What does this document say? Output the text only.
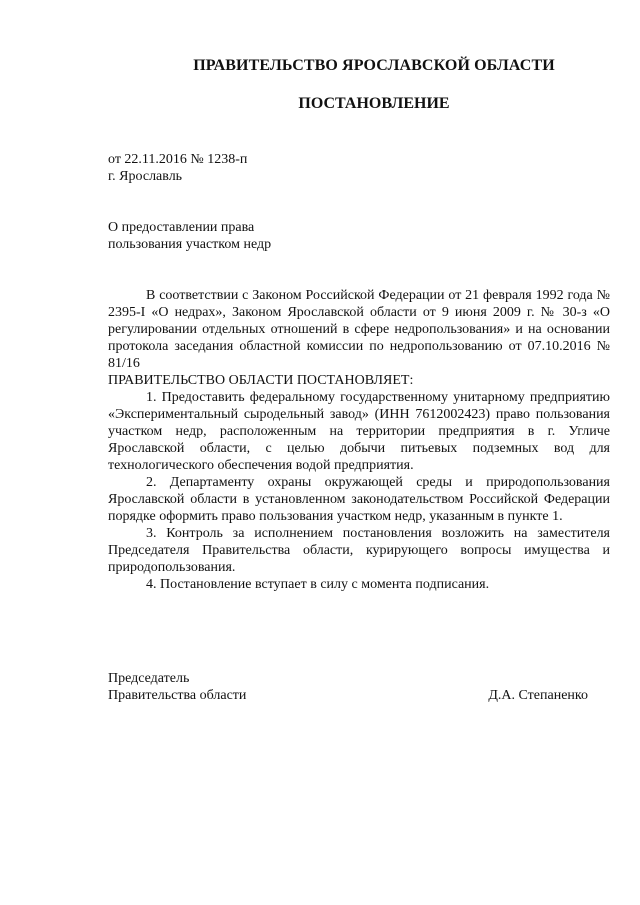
ПРАВИТЕЛЬСТВО ЯРОСЛАВСКОЙ ОБЛАСТИ
ПОСТАНОВЛЕНИЕ
от 22.11.2016 № 1238-п
г. Ярославль
О предоставлении права
пользования участком недр

В соответствии с Законом Российской Федерации от 21 февраля 1992 года № 2395-I «О недрах», Законом Ярославской области от 9 июня 2009 г. № 30-з «О регулировании отдельных отношений в сфере недропользования» и на основании протокола заседания областной комиссии по недропользованию от 07.10.2016 № 81/16

ПРАВИТЕЛЬСТВО ОБЛАСТИ ПОСТАНОВЛЯЕТ:

1. Предоставить федеральному государственному унитарному предприятию «Экспериментальный сыродельный завод» (ИНН 7612002423) право пользования участком недр, расположенным на территории предприятия в г. Угличе Ярославской области, с целью добычи питьевых подземных вод для технологического обеспечения водой предприятия.

2. Департаменту охраны окружающей среды и природопользования Ярославской области в установленном законодательством Российской Федерации порядке оформить право пользования участком недр, указанным в пункте 1.

3. Контроль за исполнением постановления возложить на заместителя Председателя Правительства области, курирующего вопросы имущества и природопользования.

4. Постановление вступает в силу с момента подписания.

Председатель
Правительства области	Д.А. Степаненко
